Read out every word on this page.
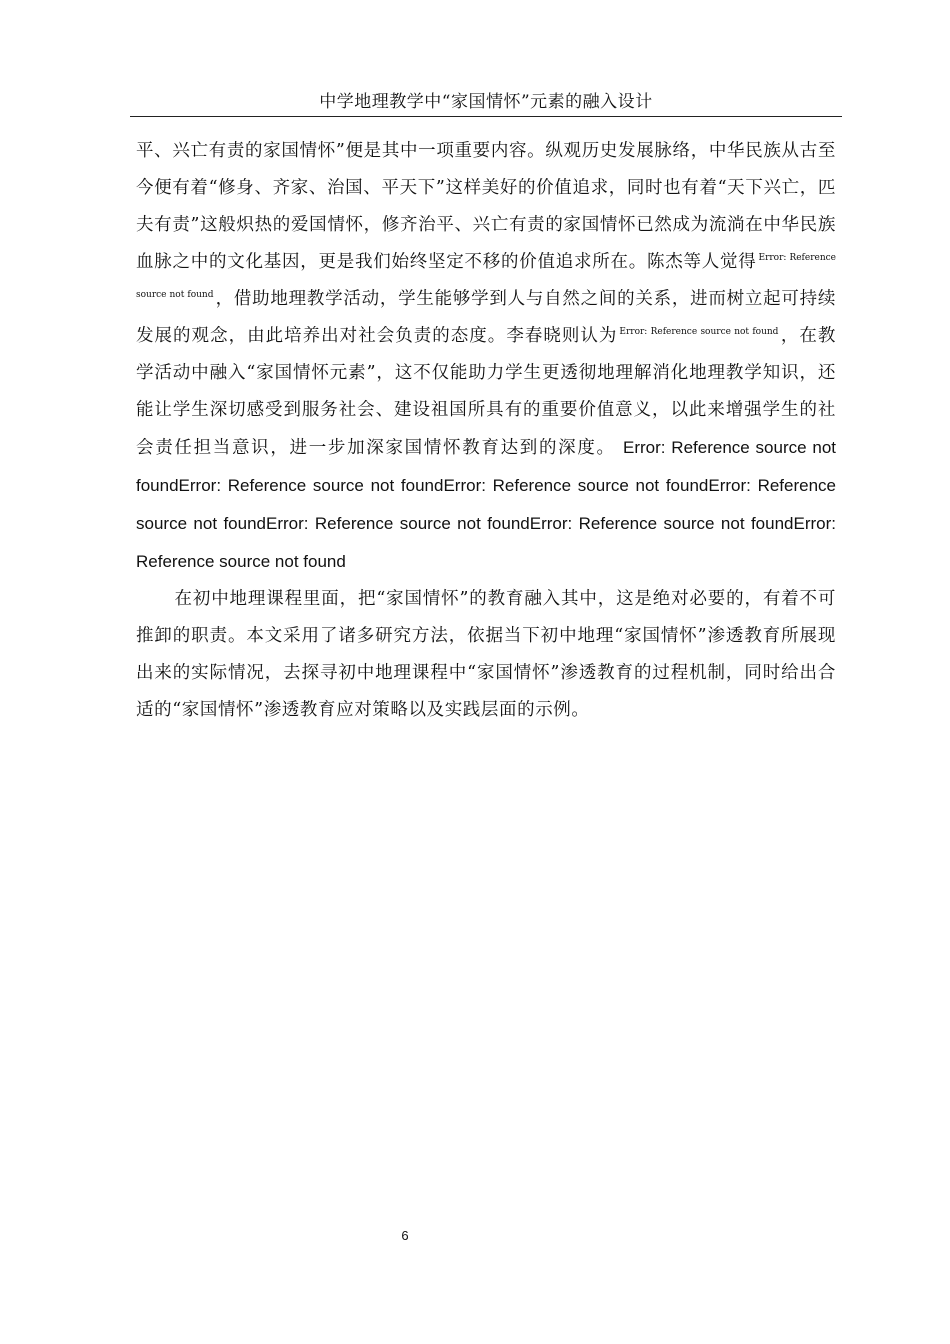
中学地理教学中“家国情怀”元素的融入设计

平、兴亡有责的家国情怀”便是其中一项重要内容。纵观历史发展脉络，中华民族从古至今便有着“修身、齐家、治国、平天下”这样美好的价值追求，同时也有着“天下兴亡，匹夫有责”这般炽热的爱国情怀，修齐治平、兴亡有责的家国情怀已然成为流淌在中华民族血脉之中的文化基因，更是我们始终坚定不移的价值追求所在。陈杰等人觉得 $^{Error: Reference source not found}$ ，借助地理教学活动，学生能够学到人与自然之间的关系，进而树立起可持续发展的观念，由此培养出对社会负责的态度。李春晓则认为 $^{Error: Reference source not found}$ ，在教学活动中融入“家国情怀元素”，这不仅能助力学生更透彻地理解消化地理教学知识，还能让学生深切感受到服务社会、建设祖国所具有的重要价值意义，以此来增强学生的社会责任担当意识，进一步加深家国情怀教育达到的深度。 Error: Reference source not foundError: Reference source not foundError: Reference source not foundError: Reference source not foundError: Reference source not foundError: Reference source not foundError: Reference source not found

在初中地理课程里面，把“家国情怀”的教育融入其中，这是绝对必要的，有着不可推卸的职责。本文采用了诸多研究方法，依据当下初中地理“家国情怀”渗透教育所展现出来的实际情况，去探寻初中地理课程中“家国情怀”渗透教育的过程机制，同时给出合适的“家国情怀”渗透教育应对策略以及实践层面的示例。

6
